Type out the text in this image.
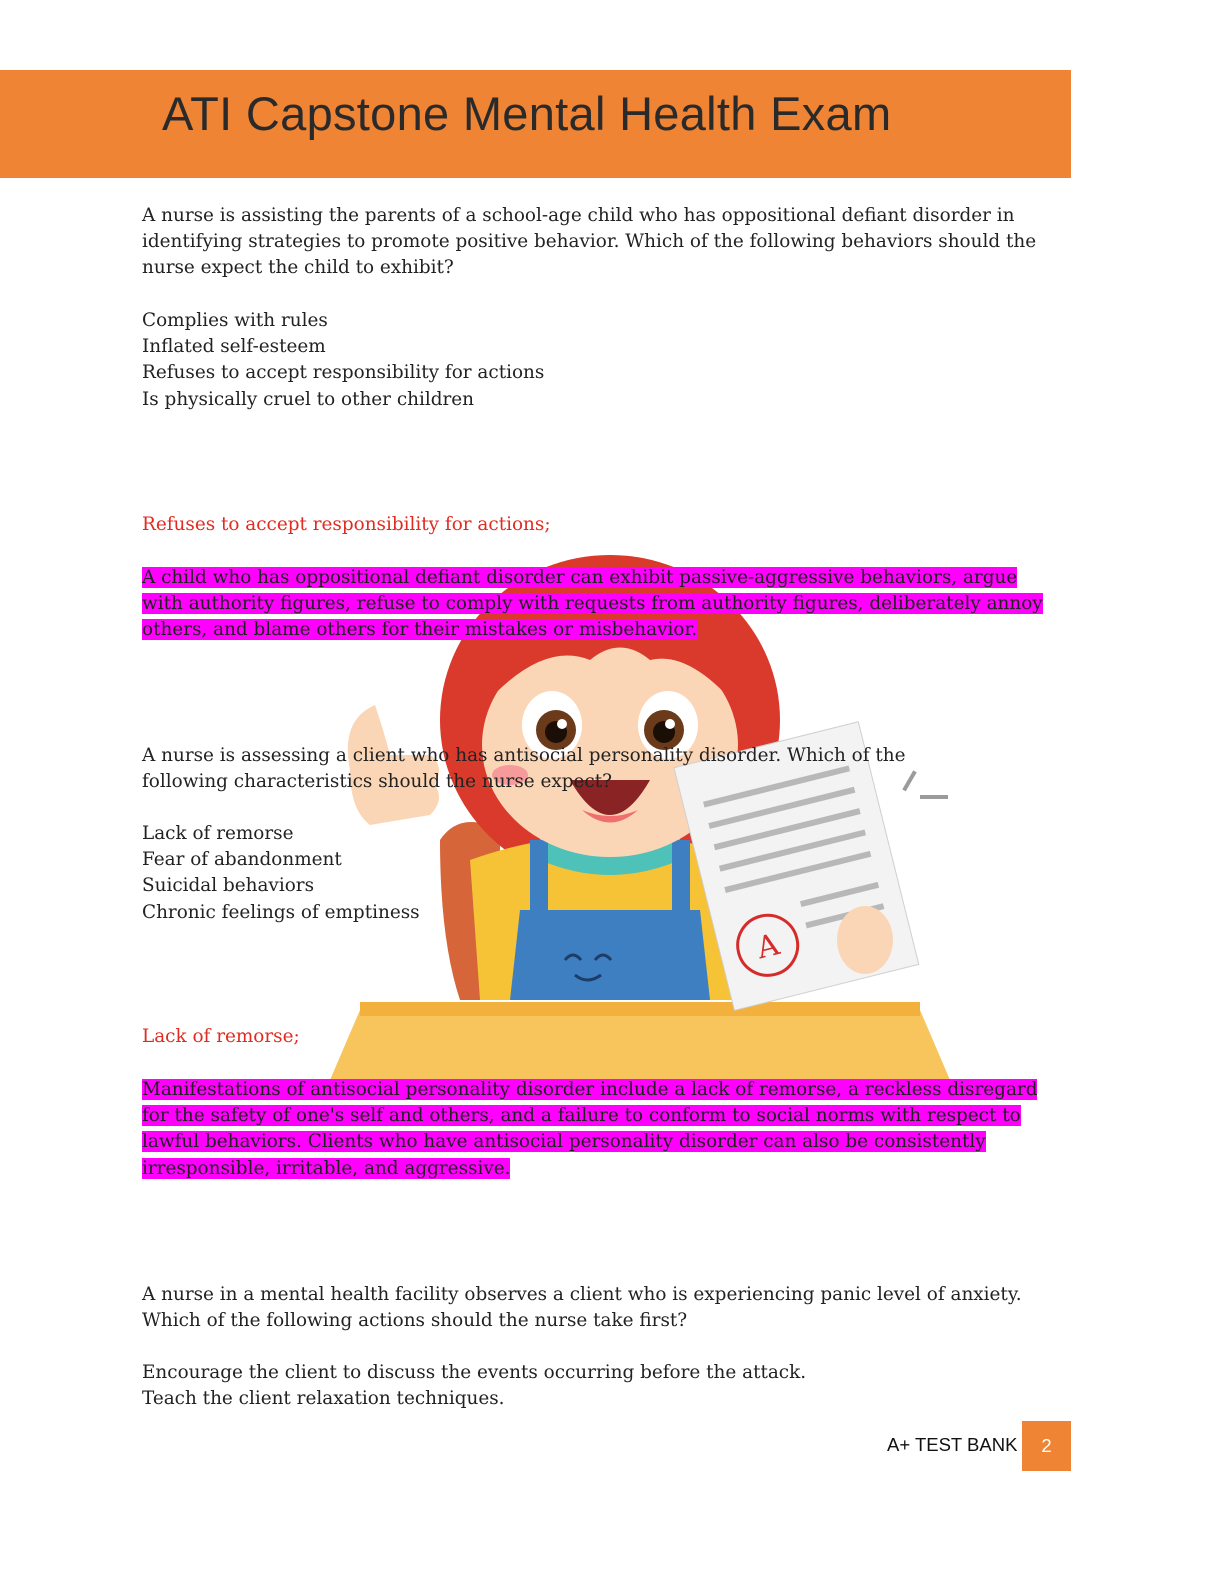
ATI Capstone Mental Health Exam
A

A nurse is assisting the parents of a school-age child who has oppositional defiant disorder in identifying strategies to promote positive behavior. Which of the following behaviors should the nurse expect the child to exhibit?

Complies with rules
Inflated self-esteem
Refuses to accept responsibility for actions
Is physically cruel to other children
Refuses to accept responsibility for actions;
A child who has oppositional defiant disorder can exhibit passive-aggressive behaviors, argue with authority figures, refuse to comply with requests from authority figures, deliberately annoy others, and blame others for their mistakes or misbehavior.

A nurse is assessing a client who has antisocial personality disorder. Which of the following characteristics should the nurse expect?

Lack of remorse
Fear of abandonment
Suicidal behaviors
Chronic feelings of emptiness
Lack of remorse;
Manifestations of antisocial personality disorder include a lack of remorse, a reckless disregard for the safety of one's self and others, and a failure to conform to social norms with respect to lawful behaviors. Clients who have antisocial personality disorder can also be consistently irresponsible, irritable, and aggressive.

A nurse in a mental health facility observes a client who is experiencing panic level of anxiety. Which of the following actions should the nurse take first?

Encourage the client to discuss the events occurring before the attack.
Teach the client relaxation techniques.
A+ TEST BANK	2
